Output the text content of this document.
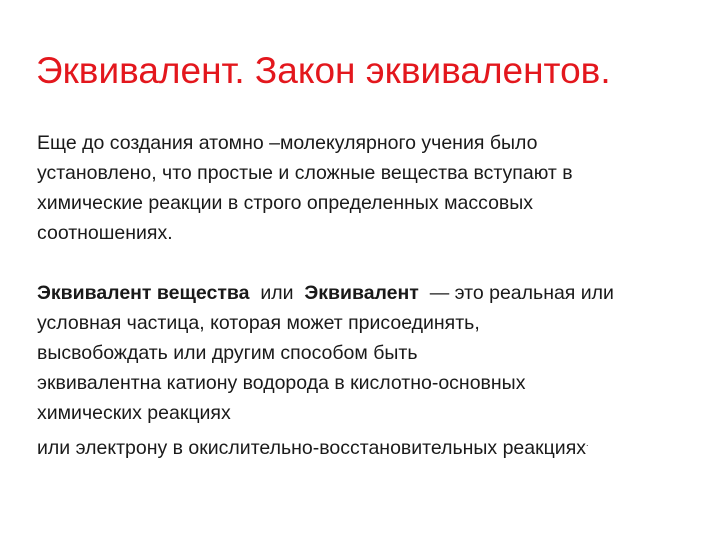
Эквивалент. Закон эквивалентов.

Еще до создания атомно –молекулярного учения было
установлено, что простые и сложные вещества вступают в
химические реакции в строго определенных массовых
соотношениях.

Эквивалент вещества или Эквивалент — это реальная или
условная частица, которая может присоединять,
высвобождать или другим способом быть
эквивалентна катиону водорода в кислотно-основных
химических реакциях
или электрону в окислительно-восстановительных реакциях.
